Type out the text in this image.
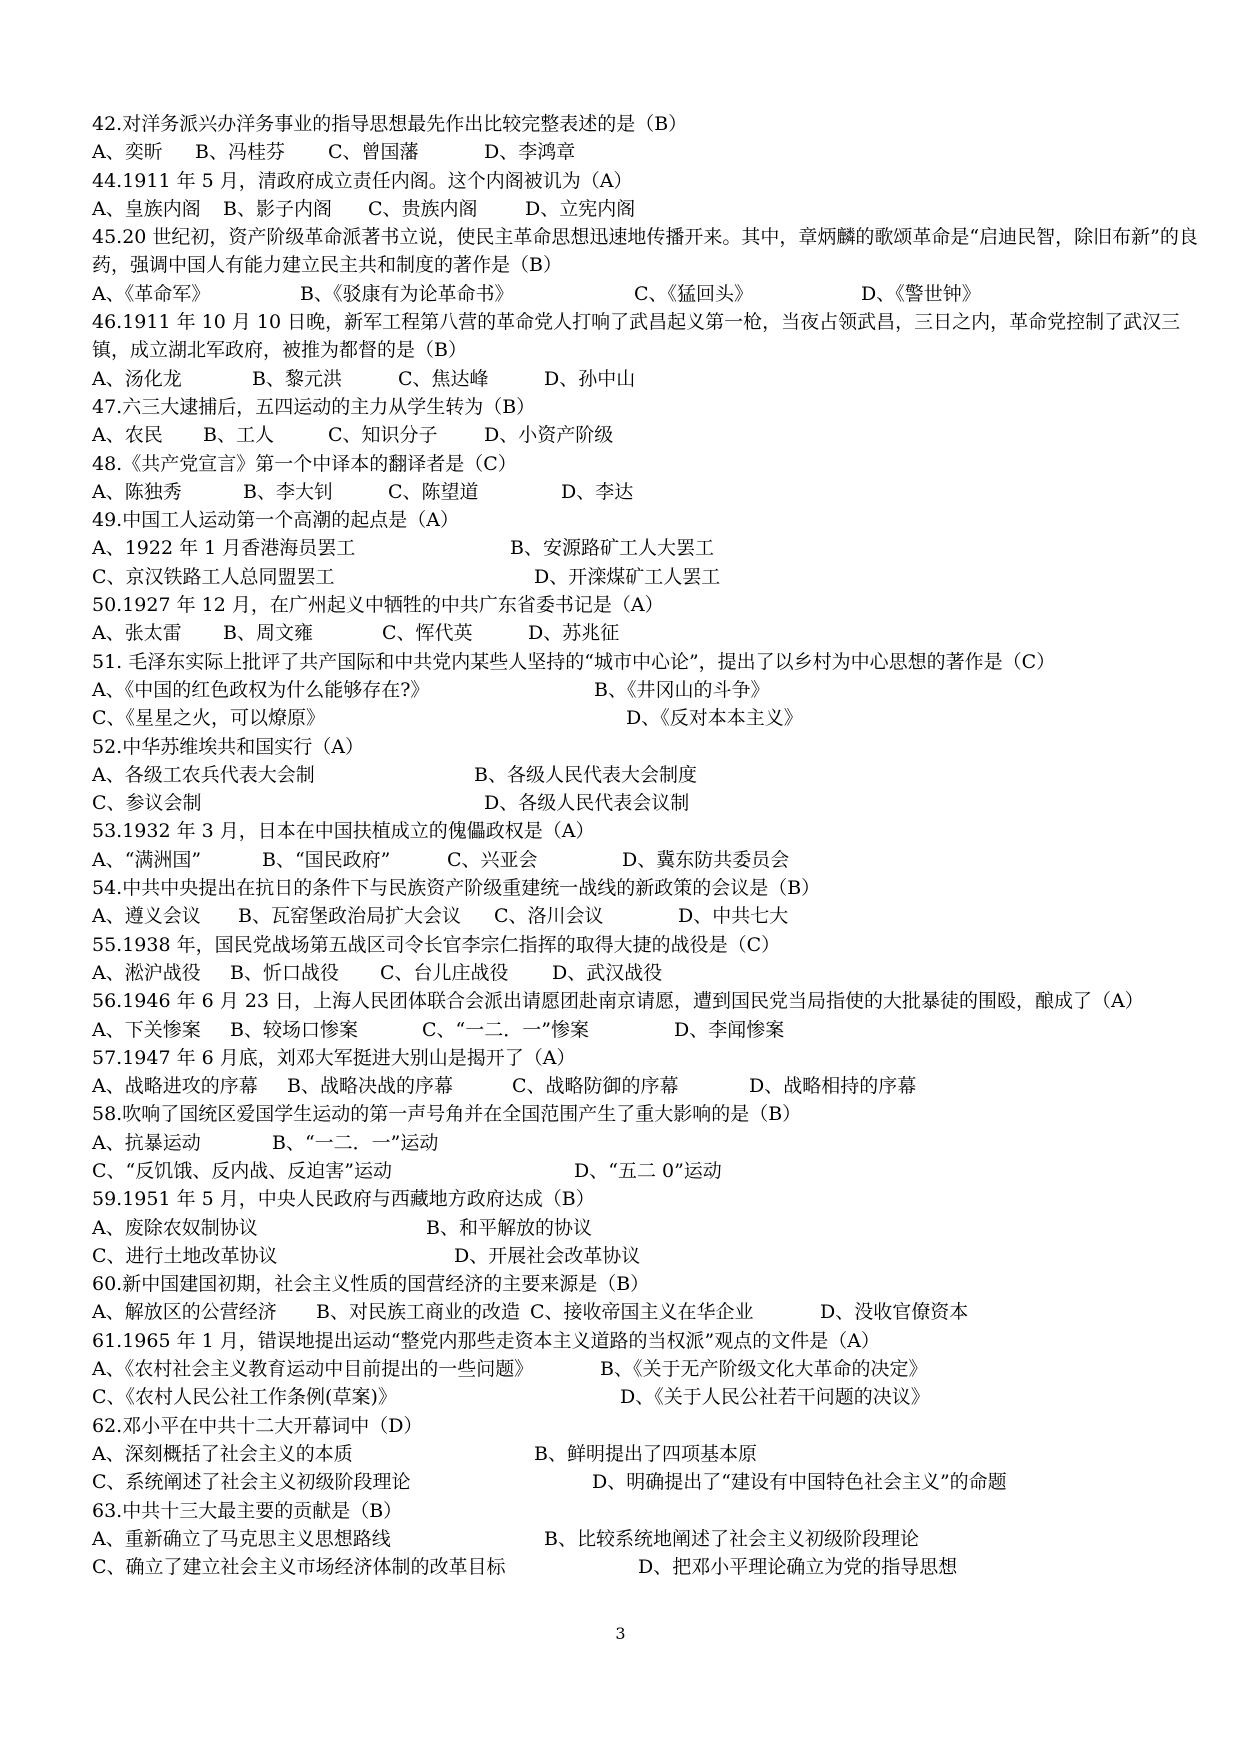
42.对洋务派兴办洋务事业的指导思想最先作出比较完整表述的是（B）
A、奕昕 B、冯桂芬 C、曾国藩	D、李鸿章
44.1911 年 5 月，清政府成立责任内阁。这个内阁被讥为（A）
A、皇族内阁 B、影子内阁 C、贵族内阁 D、立宪内阁
45.20 世纪初，资产阶级革命派著书立说，使民主革命思想迅速地传播开来。其中，章炳麟的歌颂革命是“启迪民智，除旧布新”的良药，强调中国人有能力建立民主共和制度的著作是（B）
A、《革命军》	B、《驳康有为论革命书》	C、《猛回头》	D、《警世钟》
46.1911 年 10 月 10 日晚，新军工程第八营的革命党人打响了武昌起义第一枪，当夜占领武昌，三日之内，革命党控制了武汉三镇，成立湖北军政府，被推为都督的是（B）
A、汤化龙	B、黎元洪	C、焦达峰	D、孙中山
47.六三大逮捕后，五四运动的主力从学生转为（B）
A、农民 B、工人	C、知识分子 D、小资产阶级
48.《共产党宣言》第一个中译本的翻译者是（C）
A、陈独秀	B、李大钊	C、陈望道	D、李达
49.中国工人运动第一个高潮的起点是（A）
A、1922 年 1 月香港海员罢工	B、安源路矿工人大罢工
C、京汉铁路工人总同盟罢工	D、开滦煤矿工人罢工
50.1927 年 12 月，在广州起义中牺牲的中共广东省委书记是（A）
A、张太雷 B、周文雍	C、恽代英	D、苏兆征
51. 毛泽东实际上批评了共产国际和中共党内某些人坚持的“城市中心论”，提出了以乡村为中心思想的著作是（C）
A、《中国的红色政权为什么能够存在?》	B、《井冈山的斗争》
C、《星星之火，可以燎原》	D、《反对本本主义》
52.中华苏维埃共和国实行（A）
A、各级工农兵代表大会制	B、各级人民代表大会制度
C、参议会制	D、各级人民代表会议制
53.1932 年 3 月，日本在中国扶植成立的傀儡政权是（A）
A、“满洲国”	B、“国民政府”	C、兴亚会	D、冀东防共委员会
54.中共中央提出在抗日的条件下与民族资产阶级重建统一战线的新政策的会议是（B）
A、遵义会议 B、瓦窑堡政治局扩大会议 C、洛川会议	D、中共七大
55.1938 年，国民党战场第五战区司令长官李宗仁指挥的取得大捷的战役是（C）
A、淞沪战役 B、忻口战役 C、台儿庄战役 D、武汉战役
56.1946 年 6 月 23 日，上海人民团体联合会派出请愿团赴南京请愿，遭到国民党当局指使的大批暴徒的围殴，酿成了（A）
A、下关惨案 B、较场口惨案	C、“一二．一”惨案	D、李闻惨案
57.1947 年 6 月底，刘邓大军挺进大别山是揭开了（A）
A、战略进攻的序幕 B、战略决战的序幕	C、战略防御的序幕	D、战略相持的序幕
58.吹响了国统区爱国学生运动的第一声号角并在全国范围产生了重大影响的是（B）
A、抗暴运动	B、“一二．一”运动
C、“反饥饿、反内战、反迫害”运动	D、“五二 0”运动
59.1951 年 5 月，中央人民政府与西藏地方政府达成（B）
A、废除农奴制协议	B、和平解放的协议
C、进行土地改革协议	D、开展社会改革协议
60.新中国建国初期，社会主义性质的国营经济的主要来源是（B）
A、解放区的公营经济 B、对民族工商业的改造 C、接收帝国主义在华企业	D、没收官僚资本
61.1965 年 1 月，错误地提出运动“整党内那些走资本主义道路的当权派”观点的文件是（A）
A、《农村社会主义教育运动中目前提出的一些问题》	B、《关于无产阶级文化大革命的决定》
C、《农村人民公社工作条例(草案)》	D、《关于人民公社若干问题的决议》
62.邓小平在中共十二大开幕词中（D）
A、深刻概括了社会主义的本质	B、鲜明提出了四项基本原
C、系统阐述了社会主义初级阶段理论	D、明确提出了“建设有中国特色社会主义”的命题
63.中共十三大最主要的贡献是（B）
A、重新确立了马克思主义思想路线	B、比较系统地阐述了社会主义初级阶段理论
C、确立了建立社会主义市场经济体制的改革目标	D、把邓小平理论确立为党的指导思想
3
